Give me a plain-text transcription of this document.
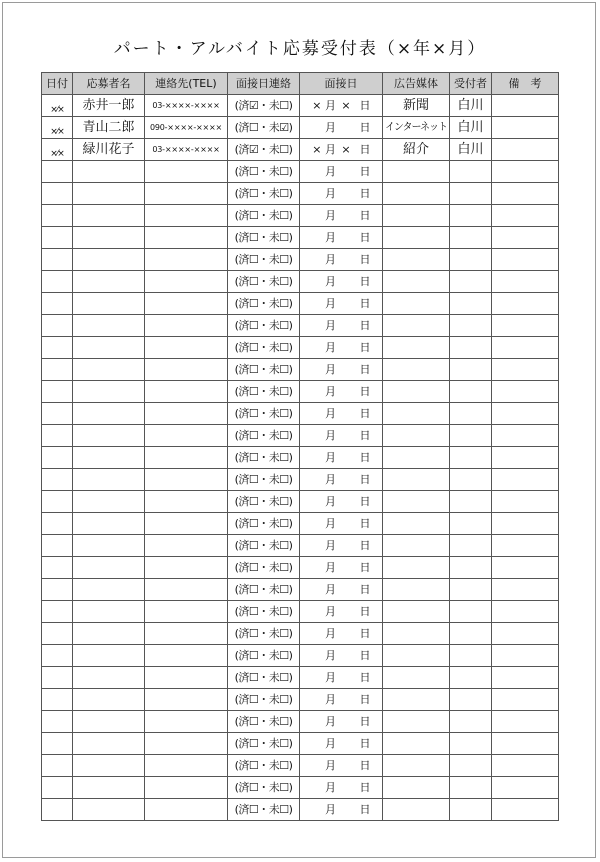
パート・アルバイト応募受付表（×年×月）
日付	応募者名	連絡先(TEL)	面接日連絡	面接日	広告媒体	受付者	備　考
×⁄×	赤井一郎	03-××××-××××	(済☑・未☐)	× 月× 日	新聞	白川	
×⁄×	青山二郎	090-××××-××××	(済☐・未☑)	月 日	インターネット	白川	
×⁄×	緑川花子	03-××××-××××	(済☑・未☐)	× 月× 日	紹介	白川	
			(済☐・未☐)	月 日			
			(済☐・未☐)	月 日			
			(済☐・未☐)	月 日			
			(済☐・未☐)	月 日			
			(済☐・未☐)	月 日			
			(済☐・未☐)	月 日			
			(済☐・未☐)	月 日			
			(済☐・未☐)	月 日			
			(済☐・未☐)	月 日			
			(済☐・未☐)	月 日			
			(済☐・未☐)	月 日			
			(済☐・未☐)	月 日			
			(済☐・未☐)	月 日			
			(済☐・未☐)	月 日			
			(済☐・未☐)	月 日			
			(済☐・未☐)	月 日			
			(済☐・未☐)	月 日			
			(済☐・未☐)	月 日			
			(済☐・未☐)	月 日			
			(済☐・未☐)	月 日			
			(済☐・未☐)	月 日			
			(済☐・未☐)	月 日			
			(済☐・未☐)	月 日			
			(済☐・未☐)	月 日			
			(済☐・未☐)	月 日			
			(済☐・未☐)	月 日			
			(済☐・未☐)	月 日			
			(済☐・未☐)	月 日			
			(済☐・未☐)	月 日			
			(済☐・未☐)	月 日			
